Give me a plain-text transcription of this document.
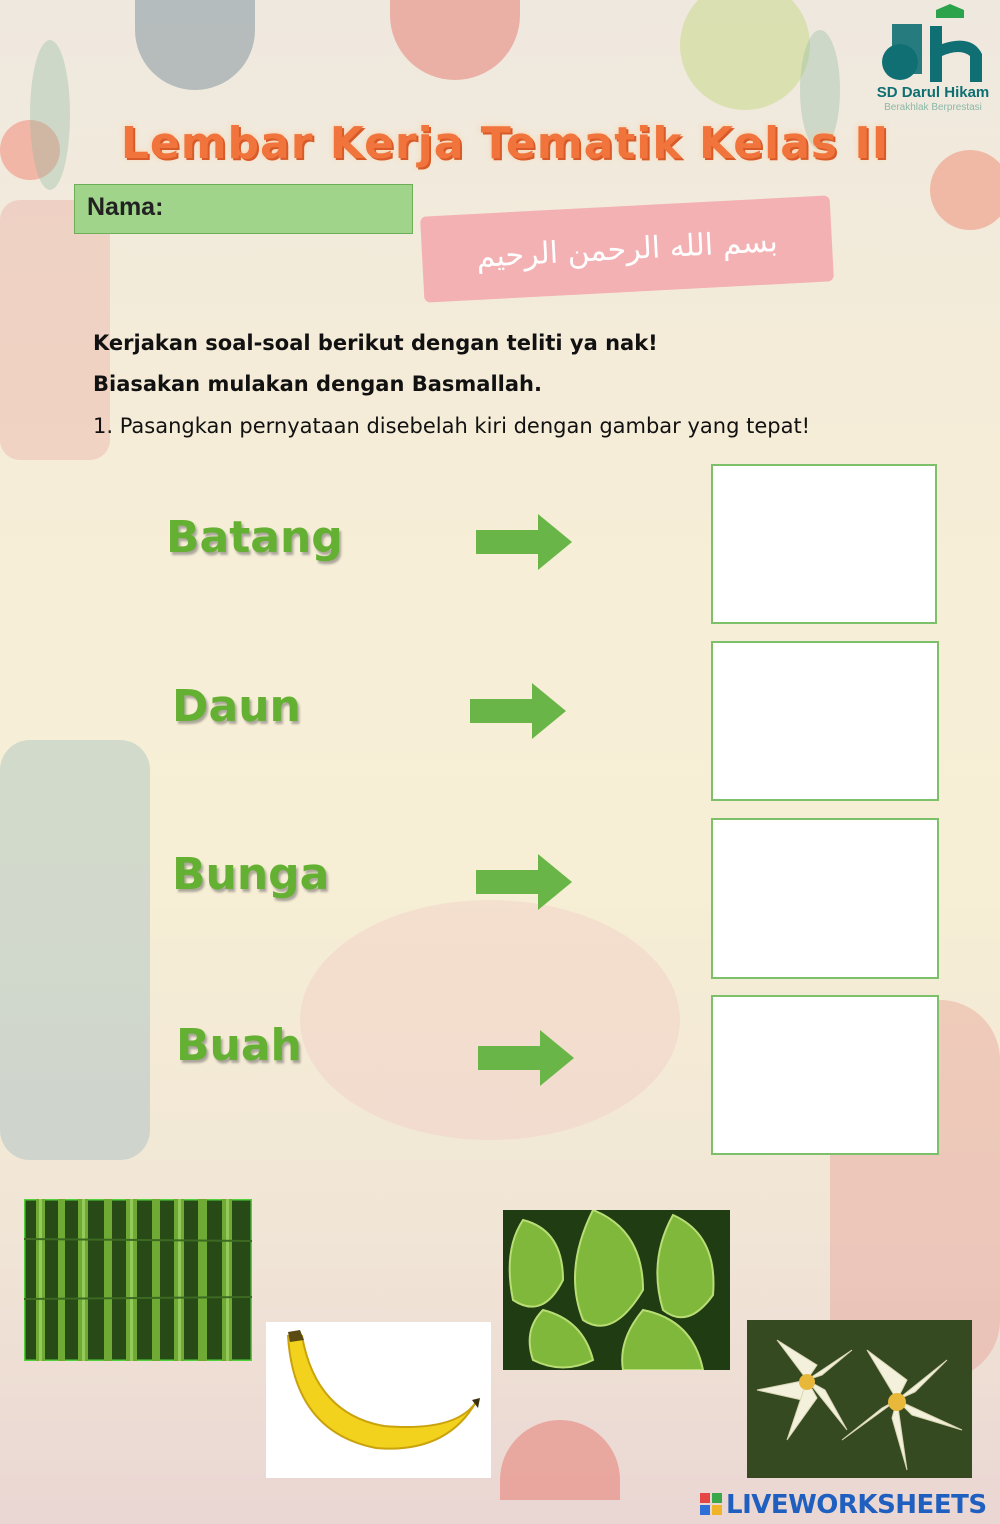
SD Darul Hikam
Berakhlak Berprestasi
Lembar Kerja Tematik Kelas II
Nama:
بسم الله الرحمن الرحيم
Kerjakan soal-soal berikut dengan teliti ya nak!
Biasakan mulakan dengan Basmallah.
1. Pasangkan pernyataan disebelah kiri dengan gambar yang tepat!
Batang
Daun
Bunga
Buah
LIVEWORKSHEETS
